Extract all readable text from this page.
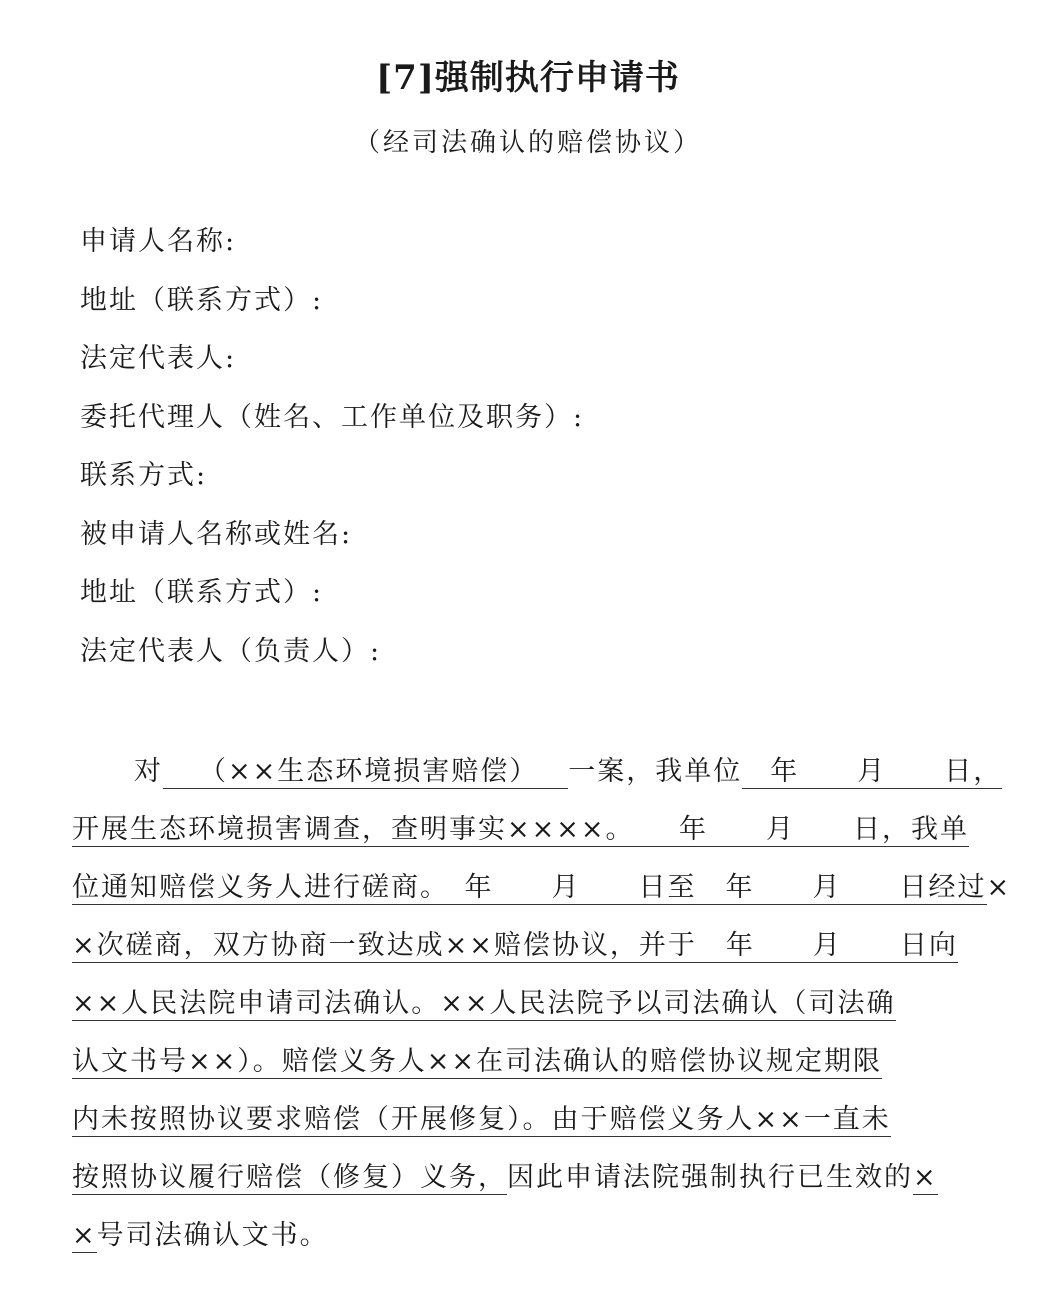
[7]强制执行申请书
（经司法确认的赔偿协议）
申请人名称:
地址（联系方式）:
法定代表人:
委托代理人（姓名、工作单位及职务）:
联系方式:
被申请人名称或姓名:
地址（联系方式）:
法定代表人（负责人）:
对 （××生态环境损害赔偿） 一案，我单位 年　　月　　日，
开展生态环境损害调查，查明事实××××。　　年　　月　　日，我单
位通知赔偿义务人进行磋商。　年　　月　　日至　年　　月　　日经过×
×次磋商，双方协商一致达成××赔偿协议，并于　年　　月　　日向
××人民法院申请司法确认。××人民法院予以司法确认（司法确
认文书号××）。赔偿义务人××在司法确认的赔偿协议规定期限
内未按照协议要求赔偿（开展修复）。由于赔偿义务人××一直未
按照协议履行赔偿（修复）义务，因此申请法院强制执行已生效的×
×号司法确认文书。
